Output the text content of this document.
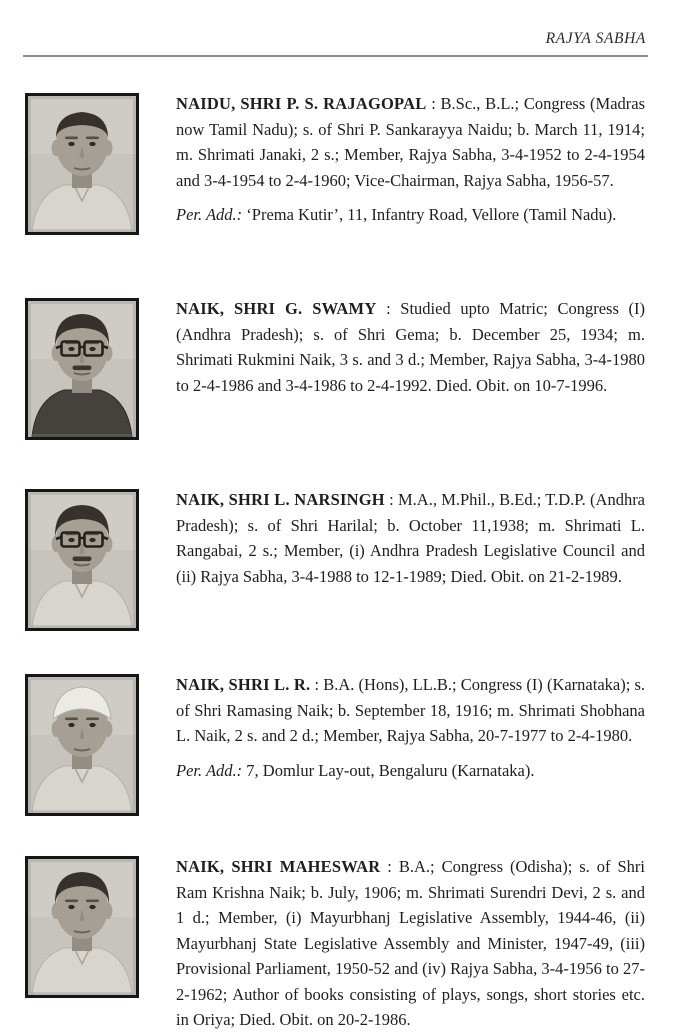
RAJYA SABHA

NAIDU, SHRI P. S. RAJAGOPAL : B.Sc., B.L.; Congress (Madras now Tamil Nadu); s. of Shri P. Sankarayya Naidu; b. March 11, 1914; m. Shrimati Janaki, 2 s.; Member, Rajya Sabha, 3-4-1952 to 2-4-1954 and 3-4-1954 to 2-4-1960; Vice-Chairman, Rajya Sabha, 1956-57.

Per. Add.: ‘Prema Kutir’, 11, Infantry Road, Vellore (Tamil Nadu).

NAIK, SHRI G. SWAMY : Studied upto Matric; Congress (I) (Andhra Pradesh); s. of Shri Gema; b. December 25, 1934; m. Shrimati Rukmini Naik, 3 s. and 3 d.; Member, Rajya Sabha, 3-4-1980 to 2-4-1986 and 3-4-1986 to 2-4-1992. Died. Obit. on 10-7-1996.

NAIK, SHRI L. NARSINGH : M.A., M.Phil., B.Ed.; T.D.P. (Andhra Pradesh); s. of Shri Harilal; b. October 11,1938; m. Shrimati L. Rangabai, 2 s.; Member, (i) Andhra Pradesh Legislative Council and (ii) Rajya Sabha, 3-4-1988 to 12-1-1989; Died. Obit. on 21-2-1989.

NAIK, SHRI L. R. : B.A. (Hons), LL.B.; Congress (I) (Karnataka); s. of Shri Ramasing Naik; b. September 18, 1916; m. Shrimati Shobhana L. Naik, 2 s. and 2 d.; Member, Rajya Sabha, 20-7-1977 to 2-4-1980.

Per. Add.: 7, Domlur Lay-out, Bengaluru (Karnataka).

NAIK, SHRI MAHESWAR : B.A.; Congress (Odisha); s. of Shri Ram Krishna Naik; b. July, 1906; m. Shrimati Surendri Devi, 2 s. and 1 d.; Member, (i) Mayurbhanj Legislative Assembly, 1944-46, (ii) Mayurbhanj State Legislative Assembly and Minister, 1947-49, (iii) Provisional Parliament, 1950-52 and (iv) Rajya Sabha, 3-4-1956 to 27-2-1962; Author of books consisting of plays, songs, short stories etc. in Oriya; Died. Obit. on 20-2-1986.
